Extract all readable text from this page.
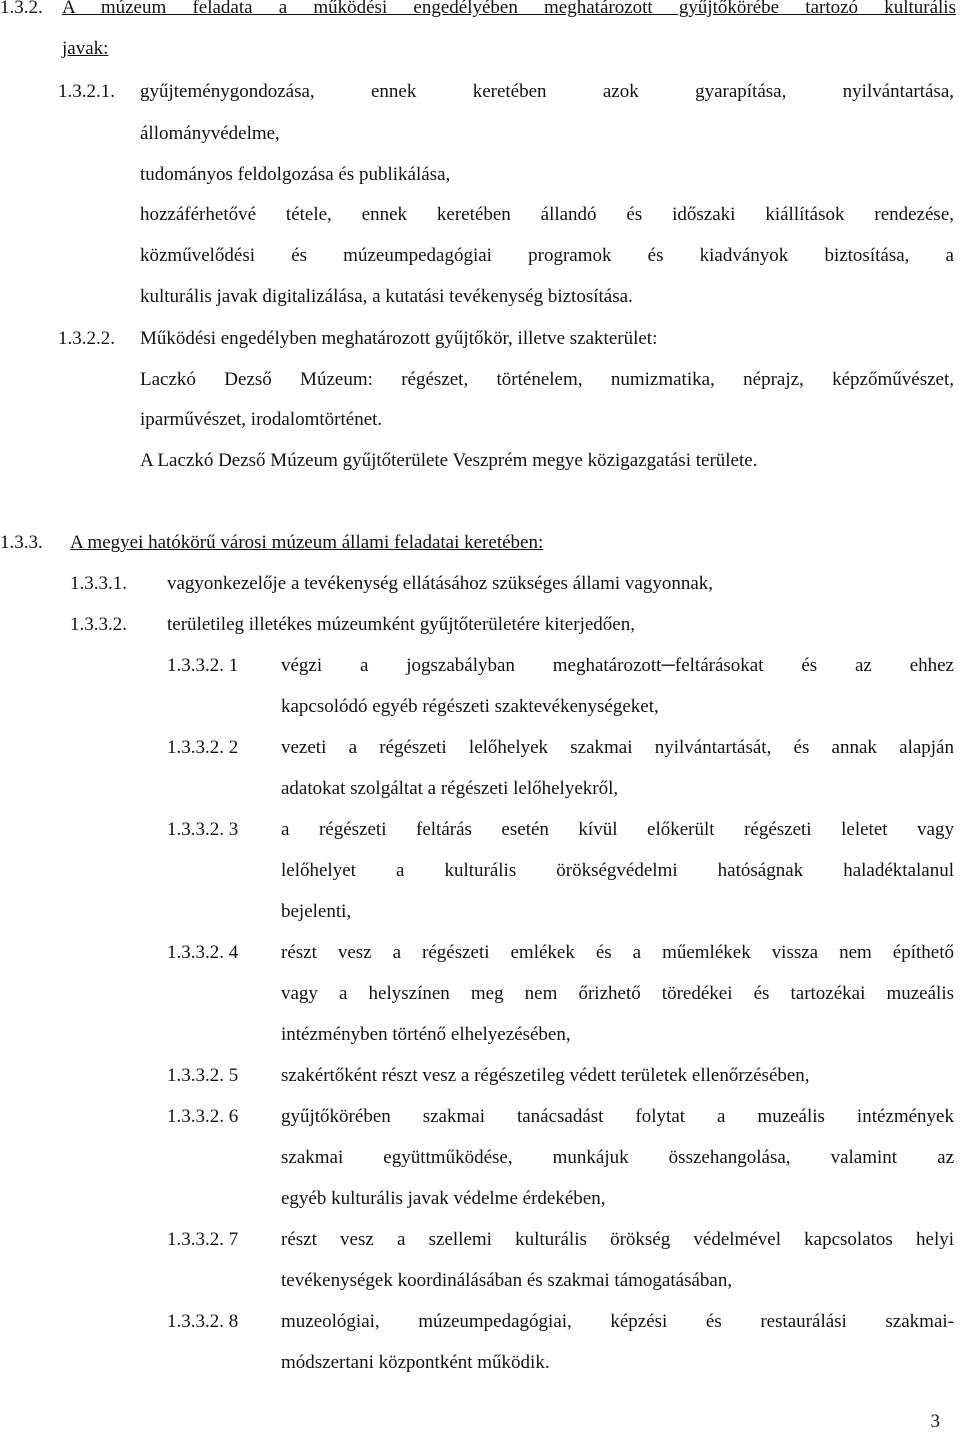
1.3.2. A múzeum feladata a működési engedélyében meghatározott gyűjtőkörébe tartozó kulturális
javak:
1.3.2.1. gyűjteménygondozása, ennek keretében azok gyarapítása, nyilvántartása,
állományvédelme,
tudományos feldolgozása és publikálása,
hozzáférhetővé tétele, ennek keretében állandó és időszaki kiállítások rendezése,
közművelődési és múzeumpedagógiai programok és kiadványok biztosítása, a
kulturális javak digitalizálása, a kutatási tevékenység biztosítása.
1.3.2.2. Működési engedélyben meghatározott gyűjtőkör, illetve szakterület:
Laczkó Dezső Múzeum: régészet, történelem, numizmatika, néprajz, képzőművészet,
iparművészet, irodalomtörténet.
A Laczkó Dezső Múzeum gyűjtőterülete Veszprém megye közigazgatási területe.
1.3.3. A megyei hatókörű városi múzeum állami feladatai keretében:
1.3.3.1. vagyonkezelője a tevékenység ellátásához szükséges állami vagyonnak,
1.3.3.2. területileg illetékes múzeumként gyűjtőterületére kiterjedően,
1.3.3.2. 1 végzi a jogszabályban meghatározott─feltárásokat és az ehhez
kapcsolódó egyéb régészeti szaktevékenységeket,
1.3.3.2. 2 vezeti a régészeti lelőhelyek szakmai nyilvántartását, és annak alapján
adatokat szolgáltat a régészeti lelőhelyekről,
1.3.3.2. 3 a régészeti feltárás esetén kívül előkerült régészeti leletet vagy
lelőhelyet a kulturális örökségvédelmi hatóságnak haladéktalanul
bejelenti,
1.3.3.2. 4 részt vesz a régészeti emlékek és a műemlékek vissza nem építhető
vagy a helyszínen meg nem őrizhető töredékei és tartozékai muzeális
intézményben történő elhelyezésében,
1.3.3.2. 5 szakértőként részt vesz a régészetileg védett területek ellenőrzésében,
1.3.3.2. 6 gyűjtőkörében szakmai tanácsadást folytat a muzeális intézmények
szakmai együttműködése, munkájuk összehangolása, valamint az
egyéb kulturális javak védelme érdekében,
1.3.3.2. 7 részt vesz a szellemi kulturális örökség védelmével kapcsolatos helyi
tevékenységek koordinálásában és szakmai támogatásában,
1.3.3.2. 8 muzeológiai, múzeumpedagógiai, képzési és restaurálási szakmai-
módszertani központként működik.
3
